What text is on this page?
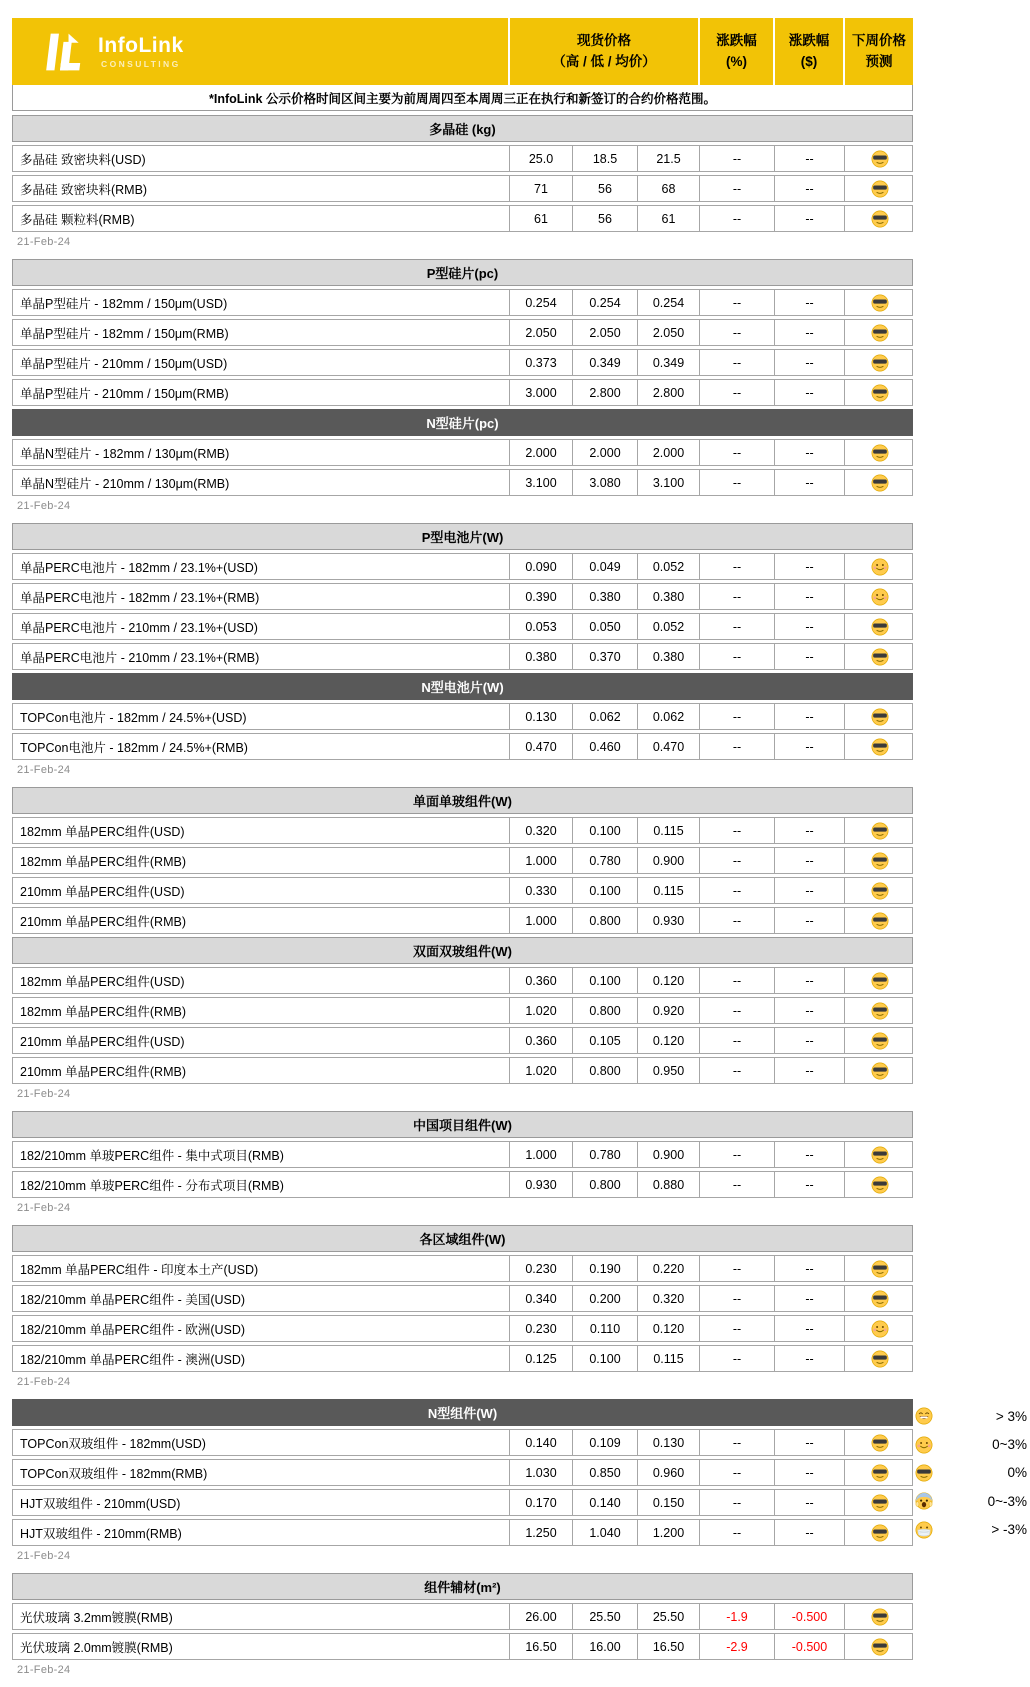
InfoLink
CONSULTING
现货价格
（高 / 低 / 均价）
涨跌幅
(%)
涨跌幅
($)
下周价格
预测
*InfoLink 公示价格时间区间主要为前周周四至本周周三正在执行和新签订的合约价格范围。
多晶硅 (kg)
多晶硅 致密块料(USD)	25.0	18.5	21.5	--	--
多晶硅 致密块料(RMB)	71	56	68	--	--
多晶硅 颗粒料(RMB)	61	56	61	--	--
21-Feb-24
P型硅片(pc)
单晶P型硅片 - 182mm / 150μm(USD)	0.254	0.254	0.254	--	--
单晶P型硅片 - 182mm / 150μm(RMB)	2.050	2.050	2.050	--	--
单晶P型硅片 - 210mm / 150μm(USD)	0.373	0.349	0.349	--	--
单晶P型硅片 - 210mm / 150μm(RMB)	3.000	2.800	2.800	--	--
N型硅片(pc)
单晶N型硅片 - 182mm / 130μm(RMB)	2.000	2.000	2.000	--	--
单晶N型硅片 - 210mm / 130μm(RMB)	3.100	3.080	3.100	--	--
21-Feb-24
P型电池片(W)
单晶PERC电池片 - 182mm / 23.1%+(USD)	0.090	0.049	0.052	--	--
单晶PERC电池片 - 182mm / 23.1%+(RMB)	0.390	0.380	0.380	--	--
单晶PERC电池片 - 210mm / 23.1%+(USD)	0.053	0.050	0.052	--	--
单晶PERC电池片 - 210mm / 23.1%+(RMB)	0.380	0.370	0.380	--	--
N型电池片(W)
TOPCon电池片 - 182mm / 24.5%+(USD)	0.130	0.062	0.062	--	--
TOPCon电池片 - 182mm / 24.5%+(RMB)	0.470	0.460	0.470	--	--
21-Feb-24
单面单玻组件(W)
182mm 单晶PERC组件(USD)	0.320	0.100	0.115	--	--
182mm 单晶PERC组件(RMB)	1.000	0.780	0.900	--	--
210mm 单晶PERC组件(USD)	0.330	0.100	0.115	--	--
210mm 单晶PERC组件(RMB)	1.000	0.800	0.930	--	--
双面双玻组件(W)
182mm 单晶PERC组件(USD)	0.360	0.100	0.120	--	--
182mm 单晶PERC组件(RMB)	1.020	0.800	0.920	--	--
210mm 单晶PERC组件(USD)	0.360	0.105	0.120	--	--
210mm 单晶PERC组件(RMB)	1.020	0.800	0.950	--	--
21-Feb-24
中国项目组件(W)
182/210mm 单玻PERC组件 - 集中式项目(RMB)	1.000	0.780	0.900	--	--
182/210mm 单玻PERC组件 - 分布式项目(RMB)	0.930	0.800	0.880	--	--
21-Feb-24
各区域组件(W)
182mm 单晶PERC组件 - 印度本土产(USD)	0.230	0.190	0.220	--	--
182/210mm 单晶PERC组件 - 美国(USD)	0.340	0.200	0.320	--	--
182/210mm 单晶PERC组件 - 欧洲(USD)	0.230	0.110	0.120	--	--
182/210mm 单晶PERC组件 - 澳洲(USD)	0.125	0.100	0.115	--	--
21-Feb-24
N型组件(W)
TOPCon双玻组件 - 182mm(USD)	0.140	0.109	0.130	--	--
TOPCon双玻组件 - 182mm(RMB)	1.030	0.850	0.960	--	--
HJT双玻组件 - 210mm(USD)	0.170	0.140	0.150	--	--
HJT双玻组件 - 210mm(RMB)	1.250	1.040	1.200	--	--
21-Feb-24
组件辅材(m²)
光伏玻璃 3.2mm镀膜(RMB)	26.00	25.50	25.50	-1.9	-0.500
光伏玻璃 2.0mm镀膜(RMB)	16.50	16.00	16.50	-2.9	-0.500
21-Feb-24
> 3%
0~3%
0%
0~-3%
> -3%
